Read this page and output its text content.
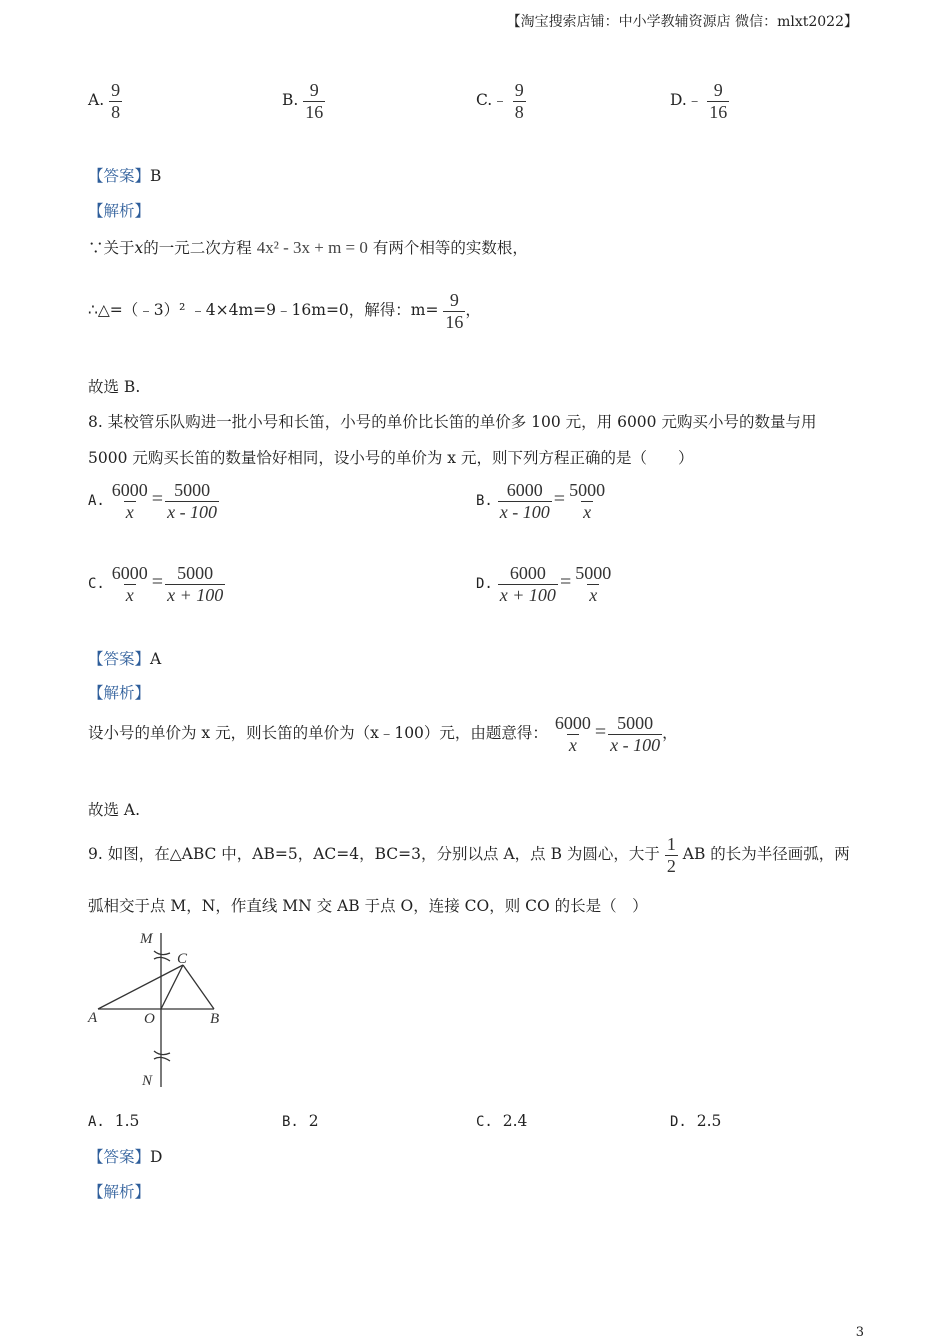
【淘宝搜索店铺：中小学教辅资源店 微信：mlxt2022】
A. $\frac{9}{8}$	B. $\frac{9}{16}$	C.﹣ $\frac{9}{8}$	D.﹣ $\frac{9}{16}$
【答案】B
【解析】
∵关于x的一元二次方程 4x² - 3x + m = 0 有两个相等的实数根，
∴△=（﹣3）² ﹣4×4m=9﹣16m=0，解得：$m= \frac{9}{16}$ ，
故选 B.
8. 某校管乐队购进一批小号和长笛，小号的单价比长笛的单价多 100 元，用 6000 元购买小号的数量与用
5000 元购买长笛的数量恰好相同，设小号的单价为 x 元，则下列方程正确的是（　　）
A. $\frac{6000}{x} = \frac{5000}{x - 100}$	B. $\frac{6000}{x - 100} = \frac{5000}{x}$
C. $\frac{6000}{x} = \frac{5000}{x + 100}$	D. $\frac{6000}{x + 100} = \frac{5000}{x}$
【答案】A
【解析】
设小号的单价为 x 元，则长笛的单价为（x﹣100）元，由题意得： $\frac{6000}{x} = \frac{5000}{x - 100}$ ，
故选 A.
9. 如图，在△ABC 中，AB=5，AC=4，BC=3，分别以点 A，点 B 为圆心，大于 $\frac{1}{2}$ AB 的长为半径画弧，两
弧相交于点 M，N，作直线 MN 交 AB 于点 O，连接 CO，则 CO 的长是（　）
M
C
A	O	B
N
A. 1.5	B. 2	C. 2.4	D. 2.5
【答案】D
【解析】
3
